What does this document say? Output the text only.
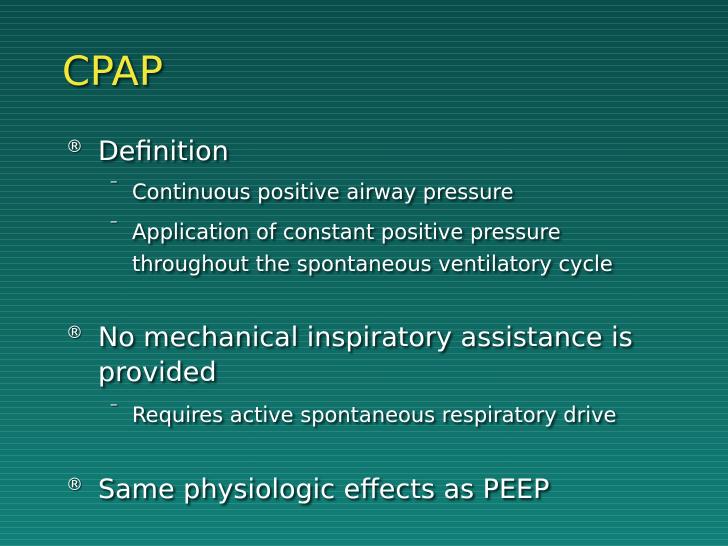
CPAP
® Definition
– Continuous positive airway pressure
– Application of constant positive pressure
throughout the spontaneous ventilatory cycle
® No mechanical inspiratory assistance is
provided
– Requires active spontaneous respiratory drive
® Same physiologic effects as PEEP
